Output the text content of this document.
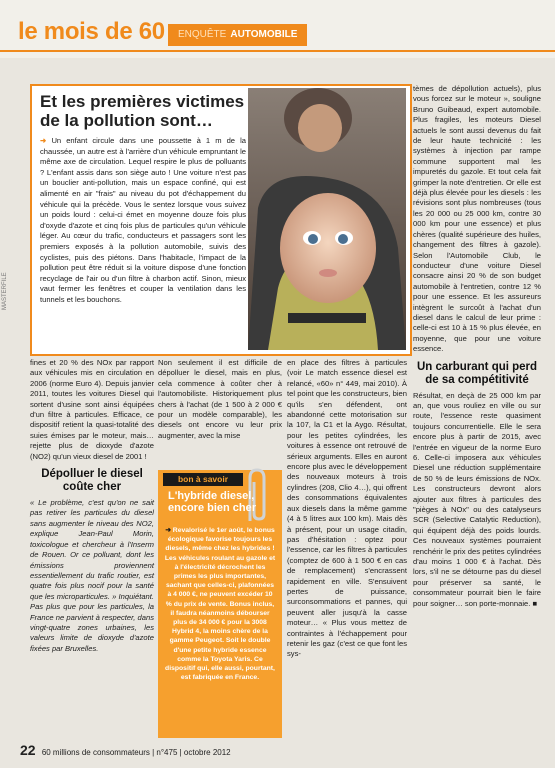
le mois de 60	ENQUÊTE AUTOMOBILE
MASTERFILE
Et les premières victimes de la pollution sont…
➜ Un enfant circule dans une poussette à 1 m de la chaussée, un autre est à l'arrière d'un véhicule empruntant le même axe de circulation. Lequel respire le plus de polluants ? L'enfant assis dans son siège auto ! Une voiture n'est pas un bouclier anti-pollution, mais un espace confiné, qui est alimenté en air "frais" au niveau du pot d'échappement du véhicule qui la précède. Vous le sentez lorsque vous suivez un poids lourd : celui-ci émet en moyenne douze fois plus d'oxyde d'azote et cinq fois plus de particules qu'un véhicule léger. Au cœur du trafic, conducteurs et passagers sont les premiers exposés à la pollution automobile, suivis des cyclistes, puis des piétons. Dans l'habitacle, l'impact de la pollution peut être réduit si la voiture dispose d'une fonction recyclage de l'air ou d'un filtre à charbon actif. Sinon, mieux vaut fermer les fenêtres et couper la ventilation dans les tunnels et les bouchons.
fines et 20 % des NOx par rapport aux véhicules mis en circulation en 2006 (norme Euro 4). Depuis janvier 2011, toutes les voitures Diesel qui sortent d'usine sont ainsi équipées d'un filtre à particules. Efficace, ce dispositif retient la quasi-totalité des suies émises par le moteur, mais… rejette plus de dioxyde d'azote (NO2) qu'un vieux diesel de 2001 !
Dépolluer le diesel coûte cher
« Le problème, c'est qu'on ne sait pas retirer les particules du diesel sans augmenter le niveau des NO2, explique Jean-Paul Morin, toxicologue et chercheur à l'Inserm de Rouen. Or ce polluant, dont les émissions proviennent essentiellement du trafic routier, est quatre fois plus nocif pour la santé que les microparticules. » Inquiétant. Pas plus que pour les particules, la France ne parvient à respecter, dans vingt-quatre zones urbaines, les valeurs limite de dioxyde d'azote fixées par Bruxelles.
Non seulement il est difficile de dépolluer le diesel, mais en plus, cela commence à coûter cher à l'automobiliste. Historiquement plus chers à l'achat (de 1 500 à 2 000 € pour un modèle comparable), les diesels ont encore vu leur prix augmenter, avec la mise
bon à savoir
L'hybride diesel, encore bien cher
➜ Revalorisé le 1er août, le bonus écologique favorise toujours les diesels, même chez les hybrides ! Les véhicules roulant au gazole et à l'électricité décrochent les primes les plus importantes, sachant que celles-ci, plafonnées à 4 000 €, ne peuvent excéder 10 % du prix de vente. Bonus inclus, il faudra néanmoins débourser plus de 34 000 € pour la 3008 Hybrid 4, la moins chère de la gamme Peugeot. Soit le double d'une petite hybride essence comme la Toyota Yaris. Ce dispositif qui, elle aussi, pourtant, est fabriquée en France.
en place des filtres à particules (voir Le match essence diesel est relancé, «60» n° 449, mai 2010). À tel point que les constructeurs, bien qu'ils s'en défendent, ont abandonné cette motorisation sur la 107, la C1 et la Aygo. Résultat, pour les petites cylindrées, les voitures à essence ont retrouvé de sérieux arguments. Elles en auront encore plus avec le développement des nouveaux moteurs à trois cylindres (208, Clio 4…), qui offrent des consommations équivalentes aux diesels dans la même gamme (4 à 5 litres aux 100 km). Mais dès à présent, pour un usage citadin, pas d'hésitation : optez pour l'essence, car les filtres à particules (comptez de 600 à 1 500 € en cas de remplacement) s'encrassent rapidement en ville. S'ensuivent pertes de puissance, surconsommations et pannes, qui peuvent aller jusqu'à la casse moteur… « Plus vous mettez de contraintes à l'échappement pour retenir les gaz (c'est ce que font les sys-
tèmes de dépollution actuels), plus vous forcez sur le moteur », souligne Bruno Guibeaud, expert automobile. Plus fragiles, les moteurs Diesel actuels le sont aussi devenus du fait de leur haute technicité : les systèmes à injection par rampe commune supportent mal les impuretés du gazole. Et tout cela fait grimper la note d'entretien. Or elle est déjà plus élevée pour les diesels : les révisions sont plus nombreuses (tous les 20 000 ou 25 000 km, contre 30 000 km pour une essence) et plus chères (qualité supérieure des huiles, changement des filtres à gazole). Selon l'Automobile Club, le conducteur d'une voiture Diesel consacre ainsi 20 % de son budget automobile à l'entretien, contre 12 % pour une essence. Et les assureurs intègrent le surcoût à l'achat d'un diesel dans le calcul de leur prime : celle-ci est 10 à 15 % plus élevée, en moyenne, que pour une voiture essence.
Un carburant qui perd de sa compétitivité
Résultat, en deçà de 25 000 km par an, que vous rouliez en ville ou sur route, l'essence reste quasiment toujours concurrentielle. Elle le sera encore plus à partir de 2015, avec l'entrée en vigueur de la norme Euro 6. Celle-ci imposera aux véhicules Diesel une réduction supplémentaire de 50 % de leurs émissions de NOx. Les constructeurs devront alors ajouter aux filtres à particules des "pièges à NOx" ou des catalyseurs SCR (Selective Catalytic Reduction), qui équipent déjà des poids lourds. Ces nouveaux systèmes pourraient renchérir le prix des petites cylindrées d'au moins 1 000 € à l'achat. Dès lors, s'il ne se détourne pas du diesel pour préserver sa santé, le consommateur pourrait bien le faire pour soigner… son porte-monnaie. ■
22 60 millions de consommateurs | n°475 | octobre 2012
